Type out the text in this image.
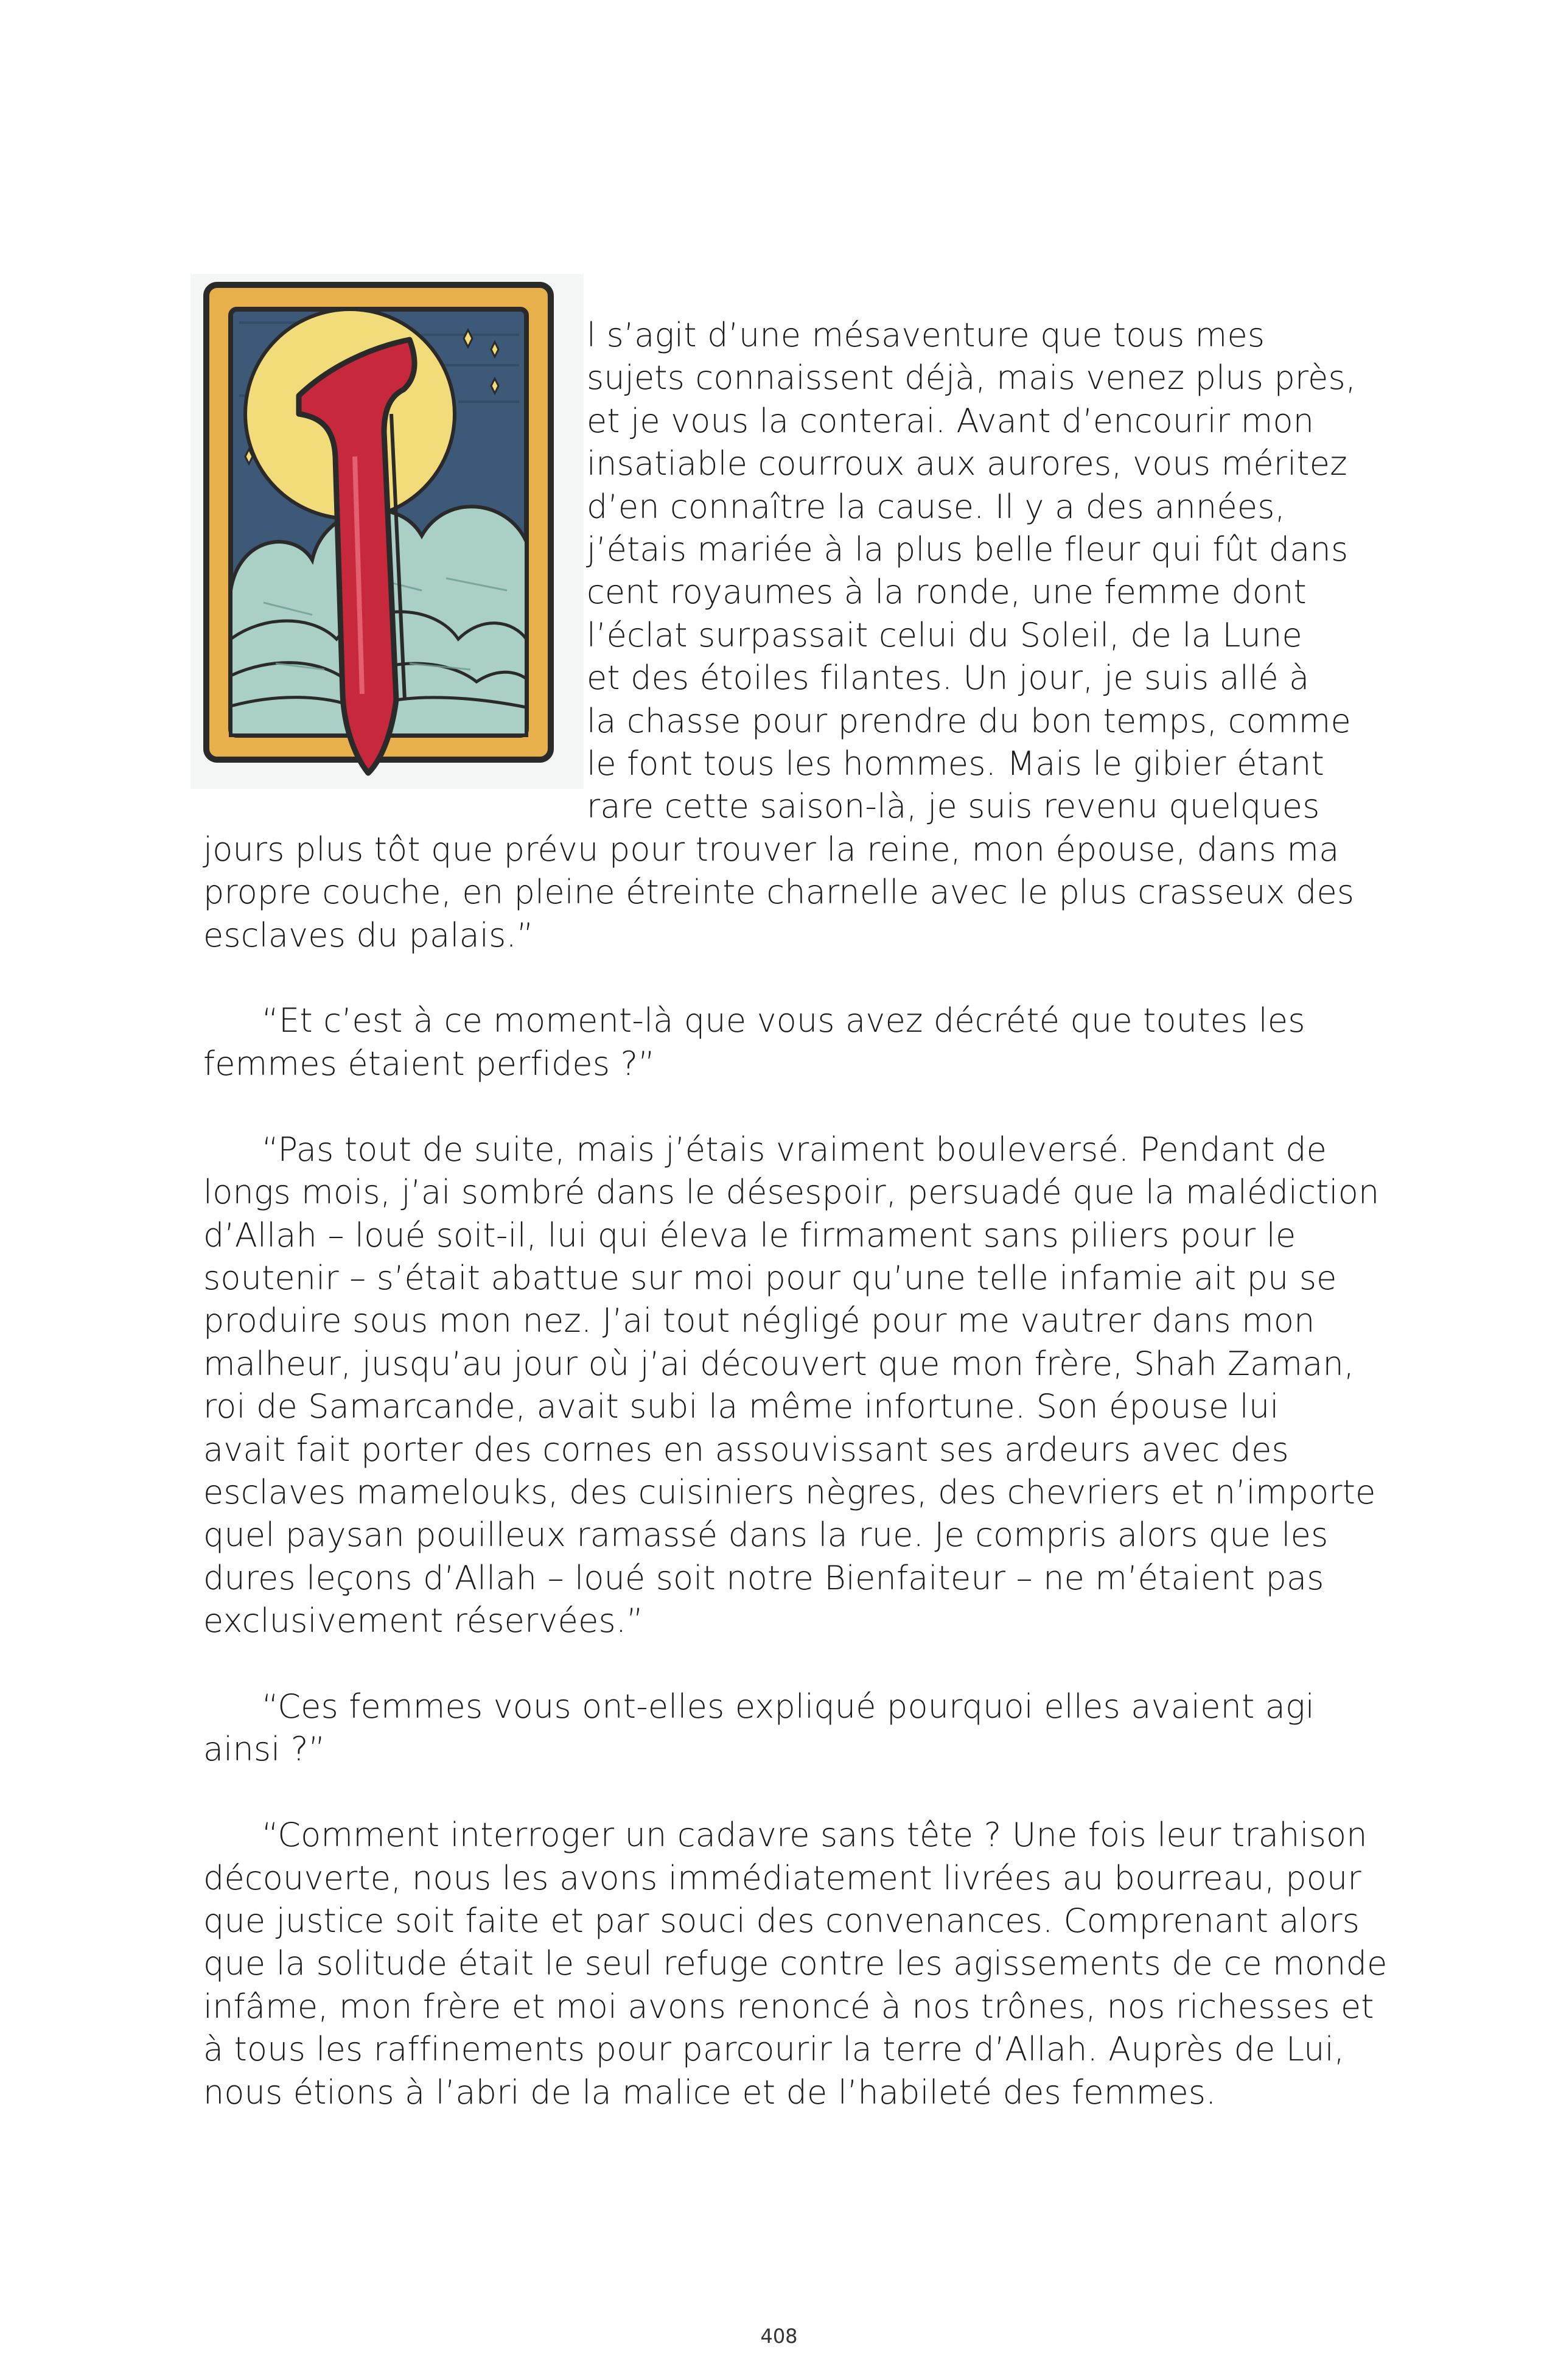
l s’agit d’une mésaventure que tous mes
sujets connaissent déjà, mais venez plus près,
et je vous la conterai. Avant d’encourir mon
insatiable courroux aux aurores, vous méritez
d’en connaître la cause. Il y a des années,
j’étais mariée à la plus belle fleur qui fût dans
cent royaumes à la ronde, une femme dont
l’éclat surpassait celui du Soleil, de la Lune
et des étoiles filantes. Un jour, je suis allé à
la chasse pour prendre du bon temps, comme
le font tous les hommes. Mais le gibier étant
rare cette saison-là, je suis revenu quelques
jours plus tôt que prévu pour trouver la reine, mon épouse, dans ma
propre couche, en pleine étreinte charnelle avec le plus crasseux des
esclaves du palais.”

“Et c’est à ce moment-là que vous avez décrété que toutes les
femmes étaient perfides ?”

“Pas tout de suite, mais j’étais vraiment bouleversé. Pendant de
longs mois, j’ai sombré dans le désespoir, persuadé que la malédiction
d’Allah – loué soit-il, lui qui éleva le firmament sans piliers pour le
soutenir – s’était abattue sur moi pour qu’une telle infamie ait pu se
produire sous mon nez. J’ai tout négligé pour me vautrer dans mon
malheur, jusqu’au jour où j’ai découvert que mon frère, Shah Zaman,
roi de Samarcande, avait subi la même infortune. Son épouse lui
avait fait porter des cornes en assouvissant ses ardeurs avec des
esclaves mamelouks, des cuisiniers nègres, des chevriers et n’importe
quel paysan pouilleux ramassé dans la rue. Je compris alors que les
dures leçons d’Allah – loué soit notre Bienfaiteur – ne m’étaient pas
exclusivement réservées.”

“Ces femmes vous ont-elles expliqué pourquoi elles avaient agi
ainsi ?”

“Comment interroger un cadavre sans tête ? Une fois leur trahison
découverte, nous les avons immédiatement livrées au bourreau, pour
que justice soit faite et par souci des convenances. Comprenant alors
que la solitude était le seul refuge contre les agissements de ce monde
infâme, mon frère et moi avons renoncé à nos trônes, nos richesses et
à tous les raffinements pour parcourir la terre d’Allah. Auprès de Lui,
nous étions à l’abri de la malice et de l’habileté des femmes.

408
